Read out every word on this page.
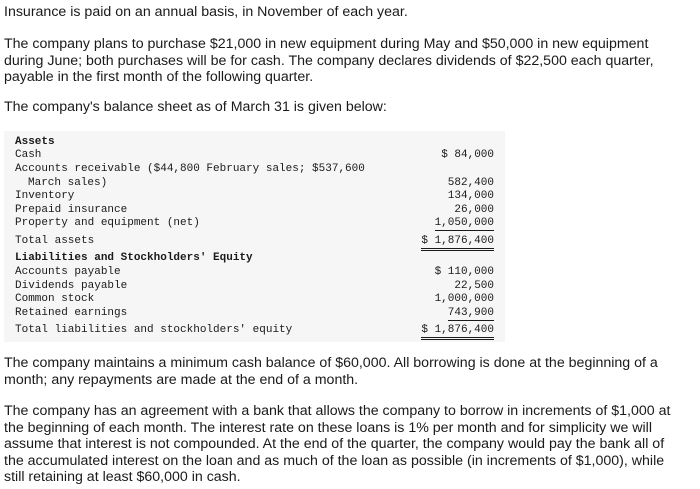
Insurance is paid on an annual basis, in November of each year.

The company plans to purchase $21,000 in new equipment during May and $50,000 in new equipment during June; both purchases will be for cash. The company declares dividends of $22,500 each quarter, payable in the first month of the following quarter.

The company's balance sheet as of March 31 is given below:

Assets
Cash	$ 84,000
Accounts receivable ($44,800 February sales; $537,600
March sales)	582,400
Inventory	134,000
Prepaid insurance	26,000
Property and equipment (net)	1,050,000
Total assets	$ 1,876,400
Liabilities and Stockholders' Equity
Accounts payable	$ 110,000
Dividends payable	22,500
Common stock	1,000,000
Retained earnings	743,900
Total liabilities and stockholders' equity	$ 1,876,400

The company maintains a minimum cash balance of $60,000. All borrowing is done at the beginning of a month; any repayments are made at the end of a month.

The company has an agreement with a bank that allows the company to borrow in increments of $1,000 at the beginning of each month. The interest rate on these loans is 1% per month and for simplicity we will assume that interest is not compounded. At the end of the quarter, the company would pay the bank all of the accumulated interest on the loan and as much of the loan as possible (in increments of $1,000), while still retaining at least $60,000 in cash.
